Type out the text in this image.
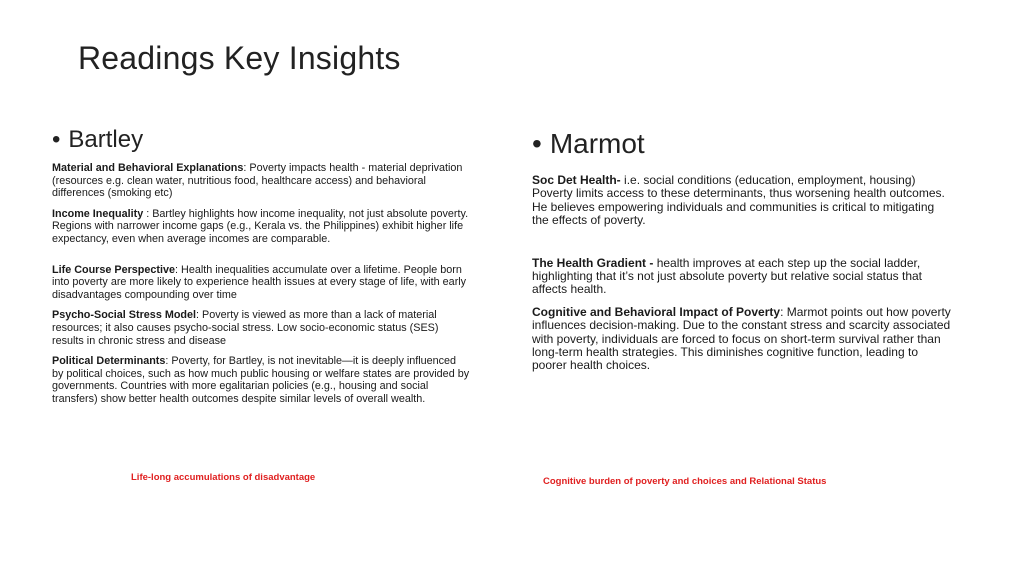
Readings Key Insights
• Bartley

Material and Behavioral Explanations: Poverty impacts health - material deprivation (resources e.g. clean water, nutritious food, healthcare access) and behavioral differences (smoking etc)

Income Inequality : Bartley highlights how income inequality, not just absolute poverty. Regions with narrower income gaps (e.g., Kerala vs. the Philippines) exhibit higher life expectancy, even when average incomes are comparable.

Life Course Perspective: Health inequalities accumulate over a lifetime. People born into poverty are more likely to experience health issues at every stage of life, with early disadvantages compounding over time

Psycho-Social Stress Model: Poverty is viewed as more than a lack of material resources; it also causes psycho-social stress. Low socio-economic status (SES) results in chronic stress and disease

Political Determinants: Poverty, for Bartley, is not inevitable—it is deeply influenced by political choices, such as how much public housing or welfare states are provided by governments. Countries with more egalitarian policies (e.g., housing and social transfers) show better health outcomes despite similar levels of overall wealth.

• Marmot

Soc Det Health- i.e. social conditions (education, employment, housing) Poverty limits access to these determinants, thus worsening health outcomes. He believes empowering individuals and communities is critical to mitigating the effects of poverty.

The Health Gradient - health improves at each step up the social ladder, highlighting that it’s not just absolute poverty but relative social status that affects health.

Cognitive and Behavioral Impact of Poverty: Marmot points out how poverty influences decision-making. Due to the constant stress and scarcity associated with poverty, individuals are forced to focus on short-term survival rather than long-term health strategies. This diminishes cognitive function, leading to poorer health choices.

Life-long accumulations of disadvantage	Cognitive burden of poverty and choices and Relational Status
